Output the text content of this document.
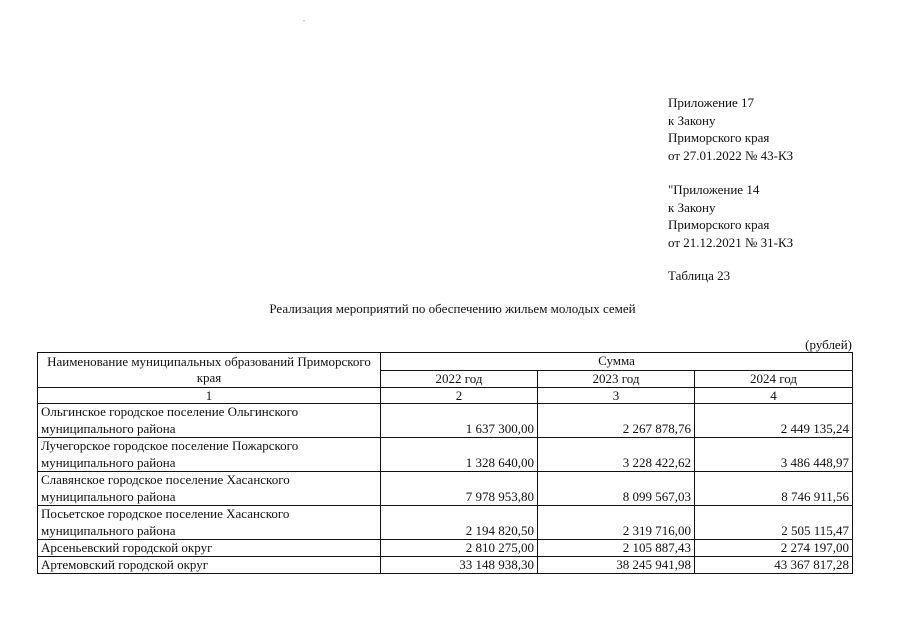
Приложение 17
к Закону
Приморского края
от 27.01.2022 № 43-КЗ
"Приложение 14
к Закону
Приморского края
от 21.12.2021 № 31-КЗ
Таблица 23
Реализация мероприятий по обеспечению жильем молодых семей
(рублей)
Наименование муниципальных образований Приморского края	Сумма		
	2022 год	2023 год	2024 год
1	2	3	4
Ольгинское городское поселение Ольгинского муниципального района	1 637 300,00	2 267 878,76	2 449 135,24
Лучегорское городское поселение Пожарского муниципального района	1 328 640,00	3 228 422,62	3 486 448,97
Славянское городское поселение Хасанского муниципального района	7 978 953,80	8 099 567,03	8 746 911,56
Посьетское городское поселение Хасанского муниципального района	2 194 820,50	2 319 716,00	2 505 115,47
Арсеньевский городской округ	2 810 275,00	2 105 887,43	2 274 197,00
Артемовский городской округ	33 148 938,30	38 245 941,98	43 367 817,28
